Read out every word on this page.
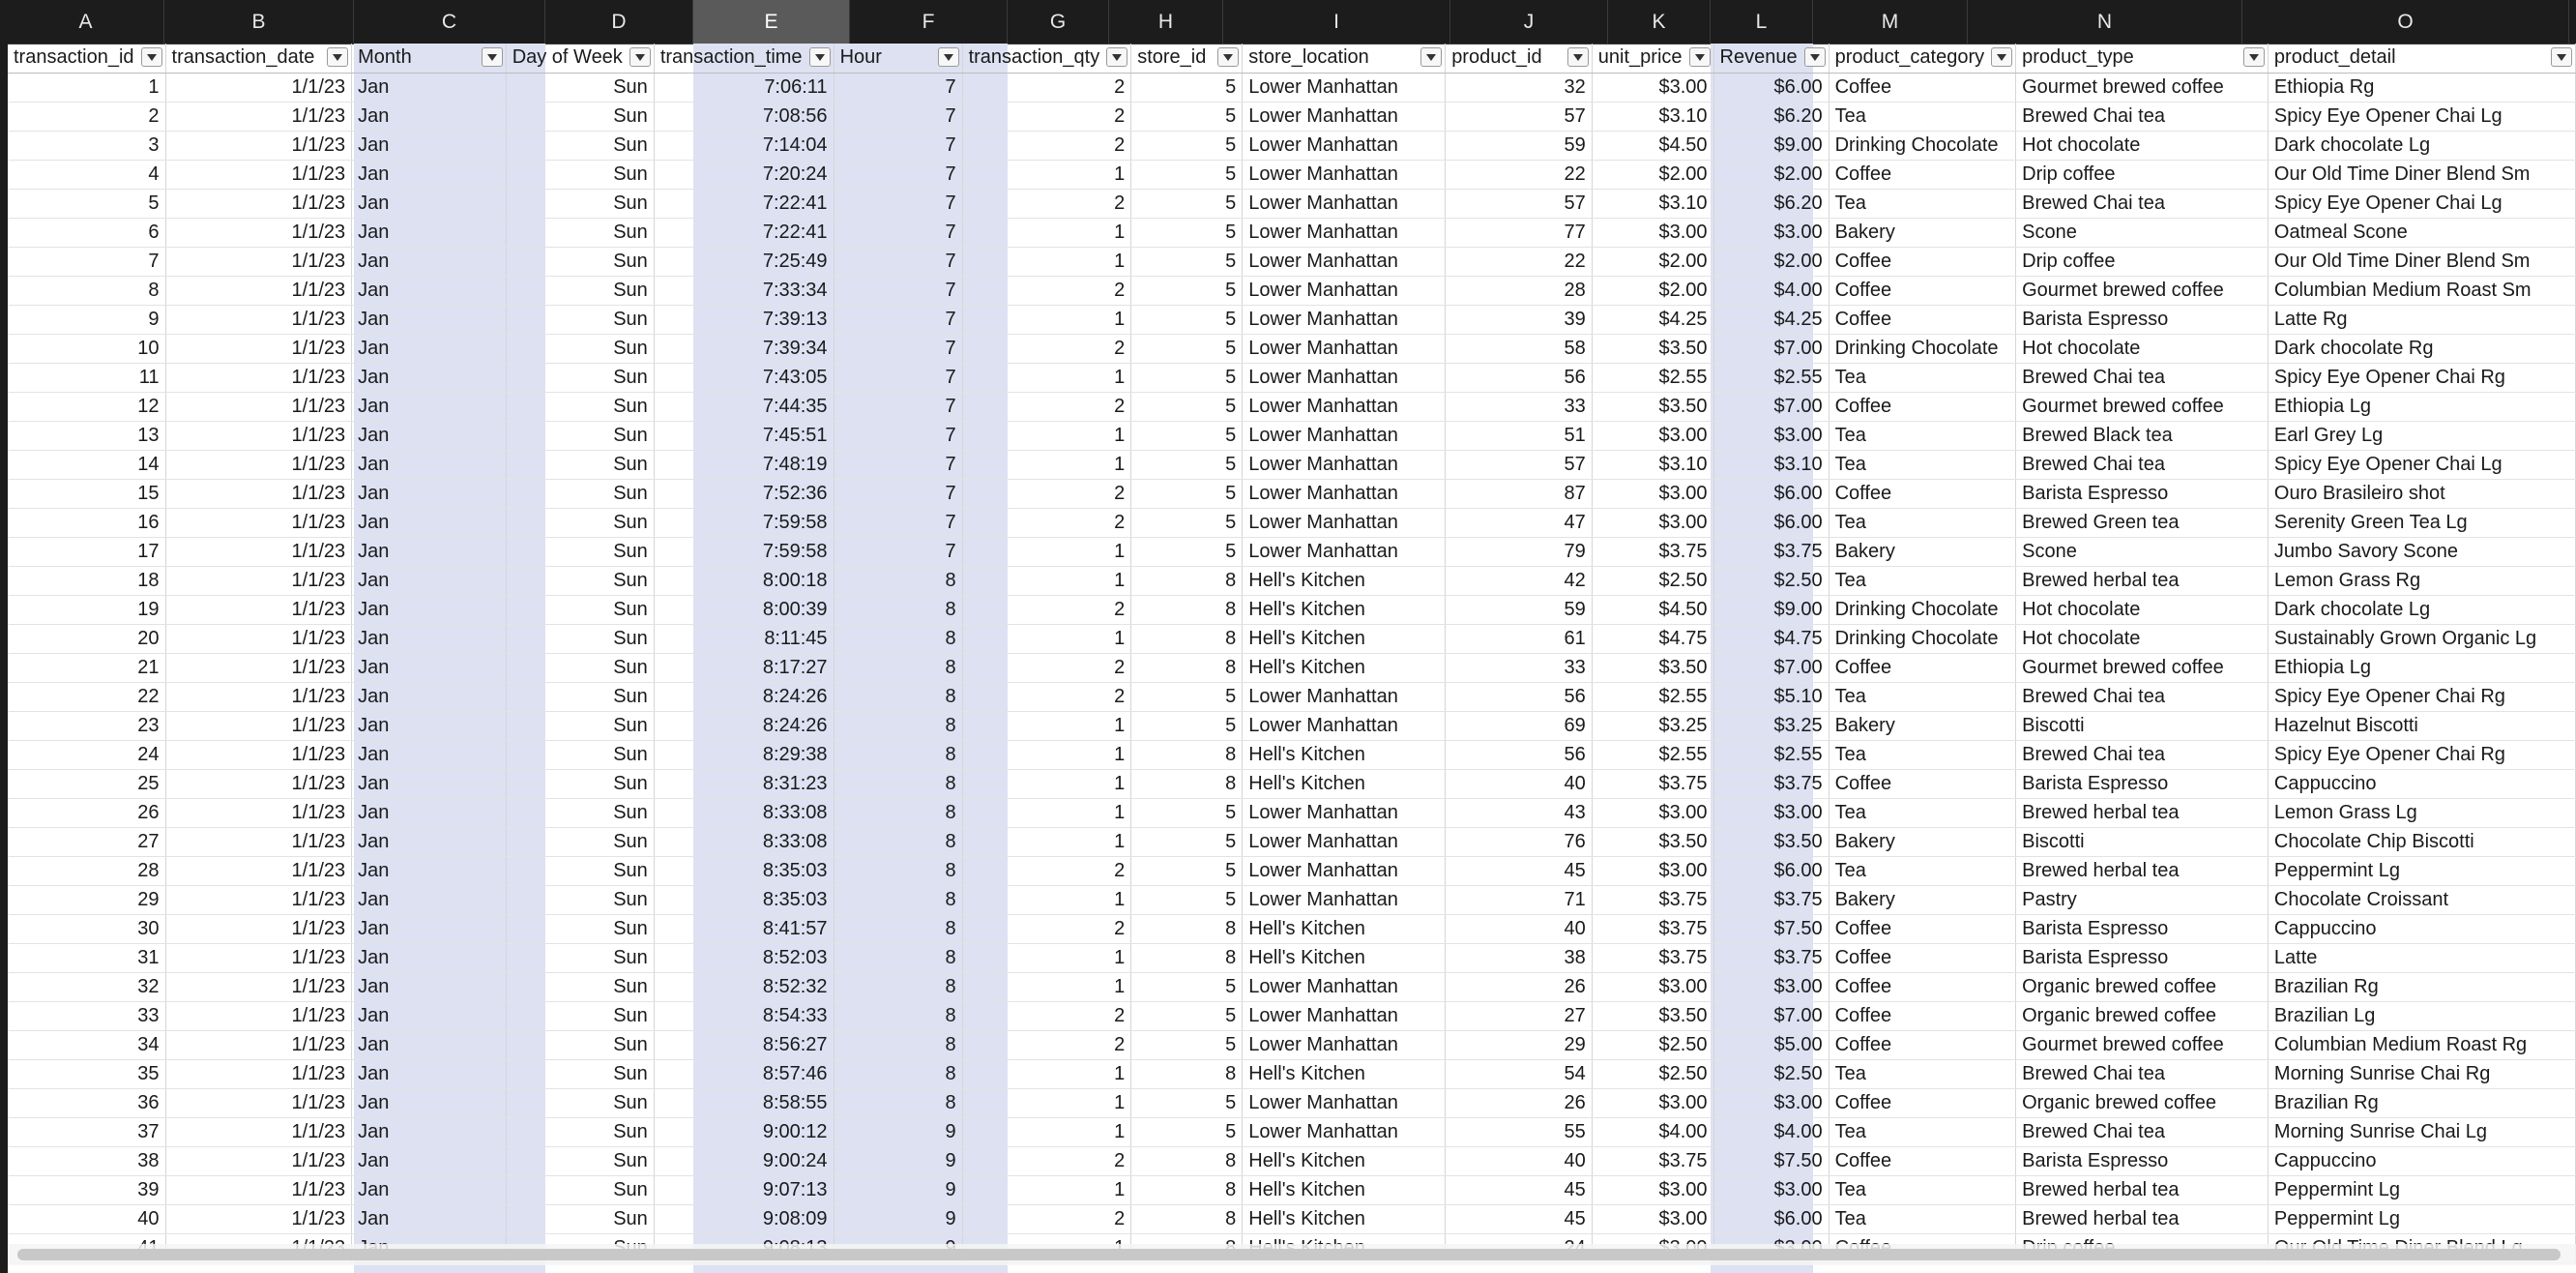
A	B	C	D	E	F	G	H	I	J	K	L	M	N	O
transaction_id	transaction_date	Month	Day of Week	transaction_time	Hour	transaction_qty	store_id	store_location	product_id	unit_price	Revenue	product_category	product_type	product_detail

1	1/1/23	Jan	Sun	7:06:11	7	2	5	Lower Manhattan	32	$3.00	$6.00	Coffee	Gourmet brewed coffee	Ethiopia Rg
2	1/1/23	Jan	Sun	7:08:56	7	2	5	Lower Manhattan	57	$3.10	$6.20	Tea	Brewed Chai tea	Spicy Eye Opener Chai Lg
3	1/1/23	Jan	Sun	7:14:04	7	2	5	Lower Manhattan	59	$4.50	$9.00	Drinking Chocolate	Hot chocolate	Dark chocolate Lg
4	1/1/23	Jan	Sun	7:20:24	7	1	5	Lower Manhattan	22	$2.00	$2.00	Coffee	Drip coffee	Our Old Time Diner Blend Sm
5	1/1/23	Jan	Sun	7:22:41	7	2	5	Lower Manhattan	57	$3.10	$6.20	Tea	Brewed Chai tea	Spicy Eye Opener Chai Lg
6	1/1/23	Jan	Sun	7:22:41	7	1	5	Lower Manhattan	77	$3.00	$3.00	Bakery	Scone	Oatmeal Scone
7	1/1/23	Jan	Sun	7:25:49	7	1	5	Lower Manhattan	22	$2.00	$2.00	Coffee	Drip coffee	Our Old Time Diner Blend Sm
8	1/1/23	Jan	Sun	7:33:34	7	2	5	Lower Manhattan	28	$2.00	$4.00	Coffee	Gourmet brewed coffee	Columbian Medium Roast Sm
9	1/1/23	Jan	Sun	7:39:13	7	1	5	Lower Manhattan	39	$4.25	$4.25	Coffee	Barista Espresso	Latte Rg
10	1/1/23	Jan	Sun	7:39:34	7	2	5	Lower Manhattan	58	$3.50	$7.00	Drinking Chocolate	Hot chocolate	Dark chocolate Rg
11	1/1/23	Jan	Sun	7:43:05	7	1	5	Lower Manhattan	56	$2.55	$2.55	Tea	Brewed Chai tea	Spicy Eye Opener Chai Rg
12	1/1/23	Jan	Sun	7:44:35	7	2	5	Lower Manhattan	33	$3.50	$7.00	Coffee	Gourmet brewed coffee	Ethiopia Lg
13	1/1/23	Jan	Sun	7:45:51	7	1	5	Lower Manhattan	51	$3.00	$3.00	Tea	Brewed Black tea	Earl Grey Lg
14	1/1/23	Jan	Sun	7:48:19	7	1	5	Lower Manhattan	57	$3.10	$3.10	Tea	Brewed Chai tea	Spicy Eye Opener Chai Lg
15	1/1/23	Jan	Sun	7:52:36	7	2	5	Lower Manhattan	87	$3.00	$6.00	Coffee	Barista Espresso	Ouro Brasileiro shot
16	1/1/23	Jan	Sun	7:59:58	7	2	5	Lower Manhattan	47	$3.00	$6.00	Tea	Brewed Green tea	Serenity Green Tea Lg
17	1/1/23	Jan	Sun	7:59:58	7	1	5	Lower Manhattan	79	$3.75	$3.75	Bakery	Scone	Jumbo Savory Scone
18	1/1/23	Jan	Sun	8:00:18	8	1	8	Hell's Kitchen	42	$2.50	$2.50	Tea	Brewed herbal tea	Lemon Grass Rg
19	1/1/23	Jan	Sun	8:00:39	8	2	8	Hell's Kitchen	59	$4.50	$9.00	Drinking Chocolate	Hot chocolate	Dark chocolate Lg
20	1/1/23	Jan	Sun	8:11:45	8	1	8	Hell's Kitchen	61	$4.75	$4.75	Drinking Chocolate	Hot chocolate	Sustainably Grown Organic Lg
21	1/1/23	Jan	Sun	8:17:27	8	2	8	Hell's Kitchen	33	$3.50	$7.00	Coffee	Gourmet brewed coffee	Ethiopia Lg
22	1/1/23	Jan	Sun	8:24:26	8	2	5	Lower Manhattan	56	$2.55	$5.10	Tea	Brewed Chai tea	Spicy Eye Opener Chai Rg
23	1/1/23	Jan	Sun	8:24:26	8	1	5	Lower Manhattan	69	$3.25	$3.25	Bakery	Biscotti	Hazelnut Biscotti
24	1/1/23	Jan	Sun	8:29:38	8	1	8	Hell's Kitchen	56	$2.55	$2.55	Tea	Brewed Chai tea	Spicy Eye Opener Chai Rg
25	1/1/23	Jan	Sun	8:31:23	8	1	8	Hell's Kitchen	40	$3.75	$3.75	Coffee	Barista Espresso	Cappuccino
26	1/1/23	Jan	Sun	8:33:08	8	1	5	Lower Manhattan	43	$3.00	$3.00	Tea	Brewed herbal tea	Lemon Grass Lg
27	1/1/23	Jan	Sun	8:33:08	8	1	5	Lower Manhattan	76	$3.50	$3.50	Bakery	Biscotti	Chocolate Chip Biscotti
28	1/1/23	Jan	Sun	8:35:03	8	2	5	Lower Manhattan	45	$3.00	$6.00	Tea	Brewed herbal tea	Peppermint Lg
29	1/1/23	Jan	Sun	8:35:03	8	1	5	Lower Manhattan	71	$3.75	$3.75	Bakery	Pastry	Chocolate Croissant
30	1/1/23	Jan	Sun	8:41:57	8	2	8	Hell's Kitchen	40	$3.75	$7.50	Coffee	Barista Espresso	Cappuccino
31	1/1/23	Jan	Sun	8:52:03	8	1	8	Hell's Kitchen	38	$3.75	$3.75	Coffee	Barista Espresso	Latte
32	1/1/23	Jan	Sun	8:52:32	8	1	5	Lower Manhattan	26	$3.00	$3.00	Coffee	Organic brewed coffee	Brazilian Rg
33	1/1/23	Jan	Sun	8:54:33	8	2	5	Lower Manhattan	27	$3.50	$7.00	Coffee	Organic brewed coffee	Brazilian Lg
34	1/1/23	Jan	Sun	8:56:27	8	2	5	Lower Manhattan	29	$2.50	$5.00	Coffee	Gourmet brewed coffee	Columbian Medium Roast Rg
35	1/1/23	Jan	Sun	8:57:46	8	1	8	Hell's Kitchen	54	$2.50	$2.50	Tea	Brewed Chai tea	Morning Sunrise Chai Rg
36	1/1/23	Jan	Sun	8:58:55	8	1	5	Lower Manhattan	26	$3.00	$3.00	Coffee	Organic brewed coffee	Brazilian Rg
37	1/1/23	Jan	Sun	9:00:12	9	1	5	Lower Manhattan	55	$4.00	$4.00	Tea	Brewed Chai tea	Morning Sunrise Chai Lg
38	1/1/23	Jan	Sun	9:00:24	9	2	8	Hell's Kitchen	40	$3.75	$7.50	Coffee	Barista Espresso	Cappuccino
39	1/1/23	Jan	Sun	9:07:13	9	1	8	Hell's Kitchen	45	$3.00	$3.00	Tea	Brewed herbal tea	Peppermint Lg
40	1/1/23	Jan	Sun	9:08:09	9	2	8	Hell's Kitchen	45	$3.00	$6.00	Tea	Brewed herbal tea	Peppermint Lg
